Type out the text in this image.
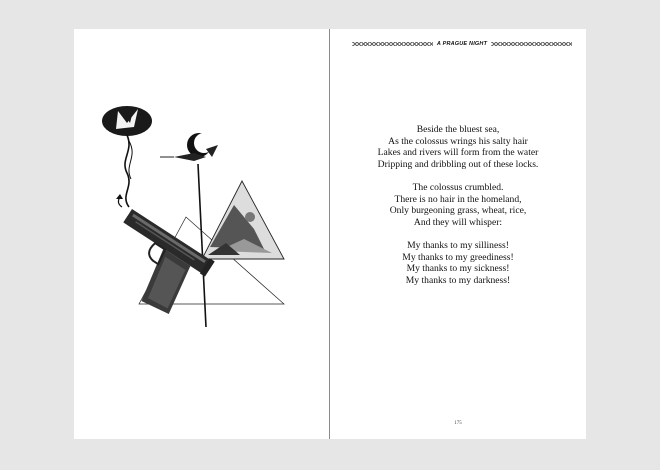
A PRAGUE NIGHT
Beside the bluest sea,
As the colossus wrings his salty hair
Lakes and rivers will form from the water
Dripping and dribbling out of these locks.
The colossus crumbled.
There is no hair in the homeland,
Only burgeoning grass, wheat, rice,
And they will whisper:
My thanks to my silliness!
My thanks to my greediness!
My thanks to my sickness!
My thanks to my darkness!
175
